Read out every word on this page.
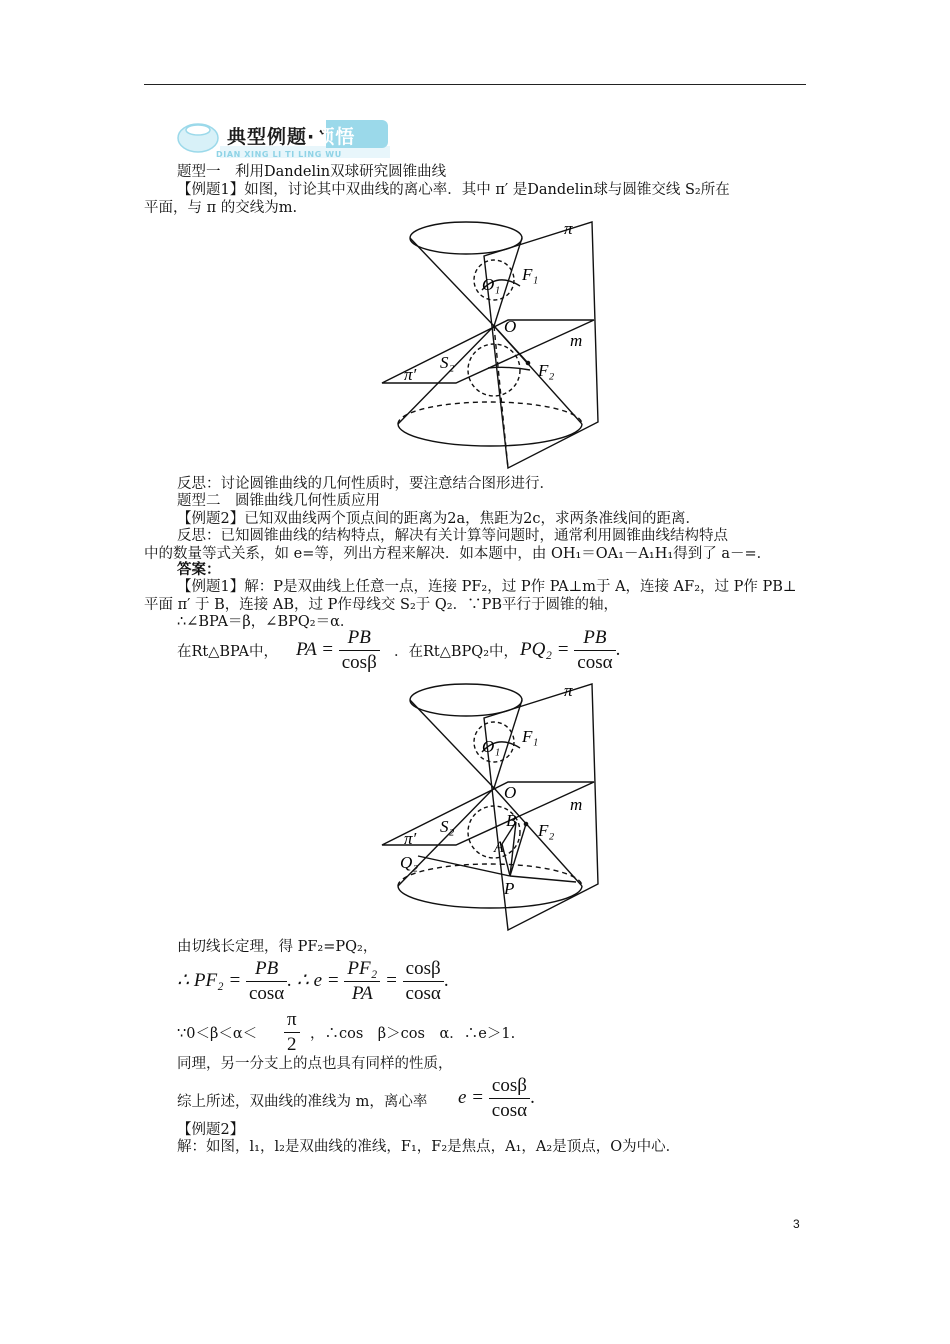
典型例题·领悟
DIAN XING LI TI LING WU
题型一　利用Dandelin双球研究圆锥曲线
【例题1】如图，讨论其中双曲线的离心率．其中 π′ 是Dandelin球与圆锥交线 S₂所在
平面，与 π 的交线为m.
π
O₁
F₁
O
m
S₂	F₂
π′
反思：讨论圆锥曲线的几何性质时，要注意结合图形进行．
题型二　圆锥曲线几何性质应用
【例题2】已知双曲线两个顶点间的距离为2a，焦距为2c，求两条准线间的距离．
反思：已知圆锥曲线的结构特点，解决有关计算等问题时，通常利用圆锥曲线结构特点
中的数量等式关系，如 e=等，列出方程来解决．如本题中，由 OH₁＝OA₁－A₁H₁得到了 a－=．
答案：
【例题1】解：P是双曲线上任意一点，连接 PF₂，过 P作 PA⊥m于 A，连接 AF₂，过 P作 PB⊥
平面 π′ 于 B，连接 AB，过 P作母线交 S₂于 Q₂．∵PB平行于圆锥的轴，
∴∠BPA＝β，∠BPQ₂＝α．
在Rt△BPA中， PA = $\frac{PB}{\cos\beta}$ ．在Rt△BPQ₂中， $PQ_2 = \frac{PB}{\cos\alpha}$ .
π
O₁
F₁
O
m
S₂	B
F₂
A
Q₂
P
π′
由切线长定理，得 PF₂=PQ₂，
∴ $PF_2 = \frac{PB}{\cos\alpha}$ . ∴ $e = \frac{\text{PF₂}}{PA} = \frac{\cos\beta}{\cos\alpha}$ .
∵0＜β＜α＜ $\frac{\pi}{2}$ ，∴cos　β＞cos　α．∴e＞1.
同理，另一分支上的点也具有同样的性质，
综上所述，双曲线的准线为 m，离心率 $e = \frac{\cos\beta}{\cos\alpha}$ .
【例题2】
解：如图，l₁，l₂是双曲线的准线，F₁，F₂是焦点，A₁，A₂是顶点，O为中心．
3
